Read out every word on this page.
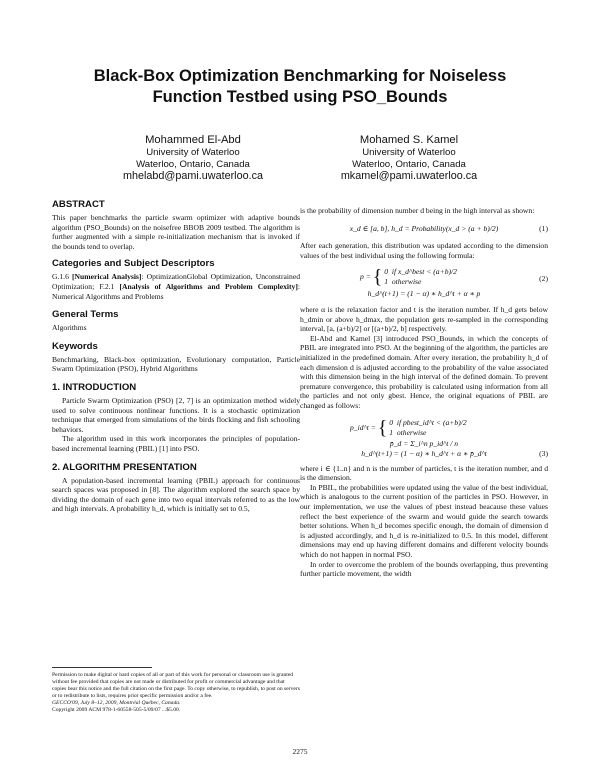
Black-Box Optimization Benchmarking for Noiseless
Function Testbed using PSO_Bounds
Mohammed El-Abd
University of Waterloo
Waterloo, Ontario, Canada
mhelabd@pami.uwaterloo.ca
Mohamed S. Kamel
University of Waterloo
Waterloo, Ontario, Canada
mkamel@pami.uwaterloo.ca
ABSTRACT

This paper benchmarks the particle swarm optimizer with adaptive bounds algorithm (PSO_Bounds) on the noisefree BBOB 2009 testbed. The algorithm is further augmented with a simple re-initialization mechanism that is invoked if the bounds tend to overlap.

Categories and Subject Descriptors

G.1.6 [Numerical Analysis]: OptimizationGlobal Optimization, Unconstrained Optimization; F.2.1 [Analysis of Algorithms and Problem Complexity]: Numerical Algorithms and Problems

General Terms

Algorithms

Keywords

Benchmarking, Black-box optimization, Evolutionary computation, Particle Swarm Optimization (PSO), Hybrid Algorithms

1. INTRODUCTION

Particle Swarm Optimization (PSO) [2, 7] is an optimization method widely used to solve continuous nonlinear functions. It is a stochastic optimization technique that emerged from simulations of the birds flocking and fish schooling behaviors.

The algorithm used in this work incorporates the principles of population-based incremental learning (PBIL) [1] into PSO.

2. ALGORITHM PRESENTATION

A population-based incremental learning (PBIL) approach for continuous search spaces was proposed in [8]. The algorithm explored the search space by dividing the domain of each gene into two equal intervals referred to as the low and high intervals. A probability h_d, which is initially set to 0.5,

Permission to make digital or hard copies of all or part of this work for personal or classroom use is granted without fee provided that copies are not made or distributed for profit or commercial advantage and that copies bear this notice and the full citation on the first page. To copy otherwise, to republish, to post on servers or to redistribute to lists, requires prior specific permission and/or a fee.
GECCO'09, July 8–12, 2009, Montréal Québec, Canada.
Copyright 2009 ACM 978-1-60558-505-5/09/07 ...$5.00.

is the probability of dimension number d being in the high interval as shown:

x_d ∈ [a, b], h_d = Probability(x_d > (a + b)/2)	(1)

After each generation, this distribution was updated according to the dimension values of the best individual using the following formula:

p = { 0 if x_d^best < (a+b)/2
1 otherwise	(2)
h_d^(t+1) = (1 − α) ∗ h_d^t + α ∗ p

where α is the relaxation factor and t is the iteration number. If h_d gets below h_dmin or above h_dmax, the population gets re-sampled in the corresponding interval, [a, (a+b)/2] or [(a+b)/2, b] respectively.

El-Abd and Kamel [3] introduced PSO_Bounds, in which the concepts of PBIL are integrated into PSO. At the beginning of the algorithm, the particles are initialized in the predefined domain. After every iteration, the probability h_d of each dimension d is adjusted according to the probability of the value associated with this dimension being in the high interval of the defined domain. To prevent premature convergence, this probability is calculated using information from all the particles and not only gbest. Hence, the original equations of PBIL are changed as follows:

p_id^t = { 0 if pbest_id^t < (a+b)/2
1 otherwise
p̄_d = Σ_i^n p_id^t / n
h_d^(t+1) = (1 − α) ∗ h_d^t + α ∗ p̄_d^t	(3)

where i ∈ {1..n} and n is the number of particles, t is the iteration number, and d is the dimension.

In PBIL, the probabilities were updated using the value of the best individual, which is analogous to the current position of the particles in PSO. However, in our implementation, we use the values of pbest instead beacause these values reflect the best experience of the swarm and would guide the search towards better solutions. When h_d becomes specific enough, the domain of dimension d is adjusted accordingly, and h_d is re-initialized to 0.5. In this model, different dimensions may end up having different domains and different velocity bounds which do not happen in normal PSO.

In order to overcome the problem of the bounds overlapping, thus preventing further particle movement, the width

2275
